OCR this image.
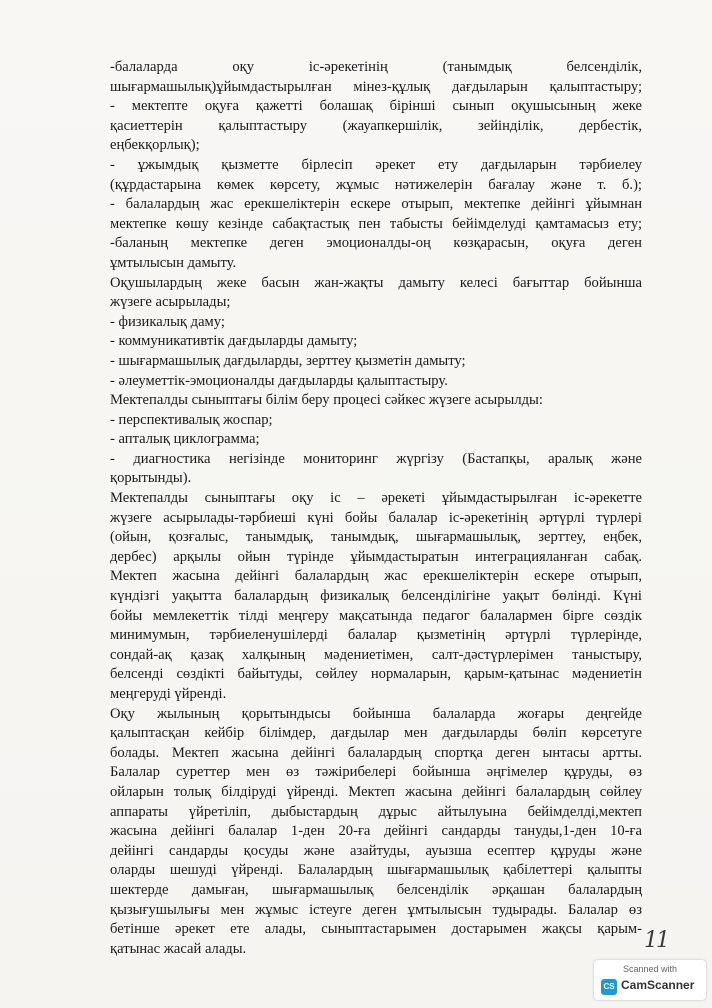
-балаларда оқу іс-әрекетінің (танымдық белсенділік,
шығармашылық)ұйымдастырылған мінез-құлық дағдыларын қалыптастыру;
- мектепте оқуға қажетті болашақ бірінші сынып оқушысының жеке
қасиеттерін қалыптастыру (жауапкершілік, зейінділік, дербестік,
еңбекқорлық);
- ұжымдық қызметте бірлесіп әрекет ету дағдыларын тәрбиелеу
(құрдастарына көмек көрсету, жұмыс нәтижелерін бағалау және т. б.);
- балалардың жас ерекшеліктерін ескере отырып, мектепке дейінгі ұйымнан
мектепке көшу кезінде сабақтастық пен табысты бейімделуді қамтамасыз ету;
-баланың мектепке деген эмоционалды-оң көзқарасын, оқуға деген
ұмтылысын дамыту.
Оқушылардың жеке басын жан-жақты дамыту келесі бағыттар бойынша
жүзеге асырылады;
- физикалық даму;
- коммуникативтік дағдыларды дамыту;
- шығармашылық дағдыларды, зерттеу қызметін дамыту;
- әлеуметтік-эмоционалды дағдыларды қалыптастыру.
Мектепалды сыныптағы білім беру процесі сәйкес жүзеге асырылды:
- перспективалық жоспар;
- апталық циклограмма;
- диагностика негізінде мониторинг жүргізу (Бастапқы, аралық және
қорытынды).
Мектепалды сыныптағы оқу іс – әрекеті ұйымдастырылған іс-әрекетте
жүзеге асырылады-тәрбиеші күні бойы балалар іс-әрекетінің әртүрлі түрлері
(ойын, қозғалыс, танымдық, танымдық, шығармашылық, зерттеу, еңбек,
дербес) арқылы ойын түрінде ұйымдастыратын интеграцияланған сабақ.
Мектеп жасына дейінгі балалардың жас ерекшеліктерін ескере отырып,
күндізгі уақытта балалардың физикалық белсенділігіне уақыт бөлінді. Күні
бойы мемлекеттік тілді меңгеру мақсатында педагог балалармен бірге сөздік
минимумын, тәрбиеленушілерді балалар қызметінің әртүрлі түрлерінде,
сондай-ақ қазақ халқының мәдениетімен, салт-дәстүрлерімен таныстыру,
белсенді сөздікті байытуды, сөйлеу нормаларын, қарым-қатынас мәдениетін
меңгеруді үйренді.
Оқу жылының қорытындысы бойынша балаларда жоғары деңгейде
қалыптасқан кейбір білімдер, дағдылар мен дағдыларды бөліп көрсетуге
болады. Мектеп жасына дейінгі балалардың спортқа деген ынтасы артты.
Балалар суреттер мен өз тәжірибелері бойынша әңгімелер құруды, өз
ойларын толық білдіруді үйренді. Мектеп жасына дейінгі балалардың сөйлеу
аппараты үйретіліп, дыбыстардың дұрыс айтылуына бейімделді,мектеп
жасына дейінгі балалар 1-ден 20-ға дейінгі сандарды тануды,1-ден 10-ға
дейінгі сандарды қосуды және азайтуды, ауызша есептер құруды және
оларды шешуді үйренді. Балалардың шығармашылық қабілеттері қалыпты
шектерде дамыған, шығармашылық белсенділік әрқашан балалардың
қызығушылығы мен жұмыс істеуге деген ұмтылысын тудырады. Балалар өз
бетінше әрекет ете алады, сыныптастарымен достарымен жақсы қарым-
қатынас жасай алады.	11
Scanned with
CS CamScanner
